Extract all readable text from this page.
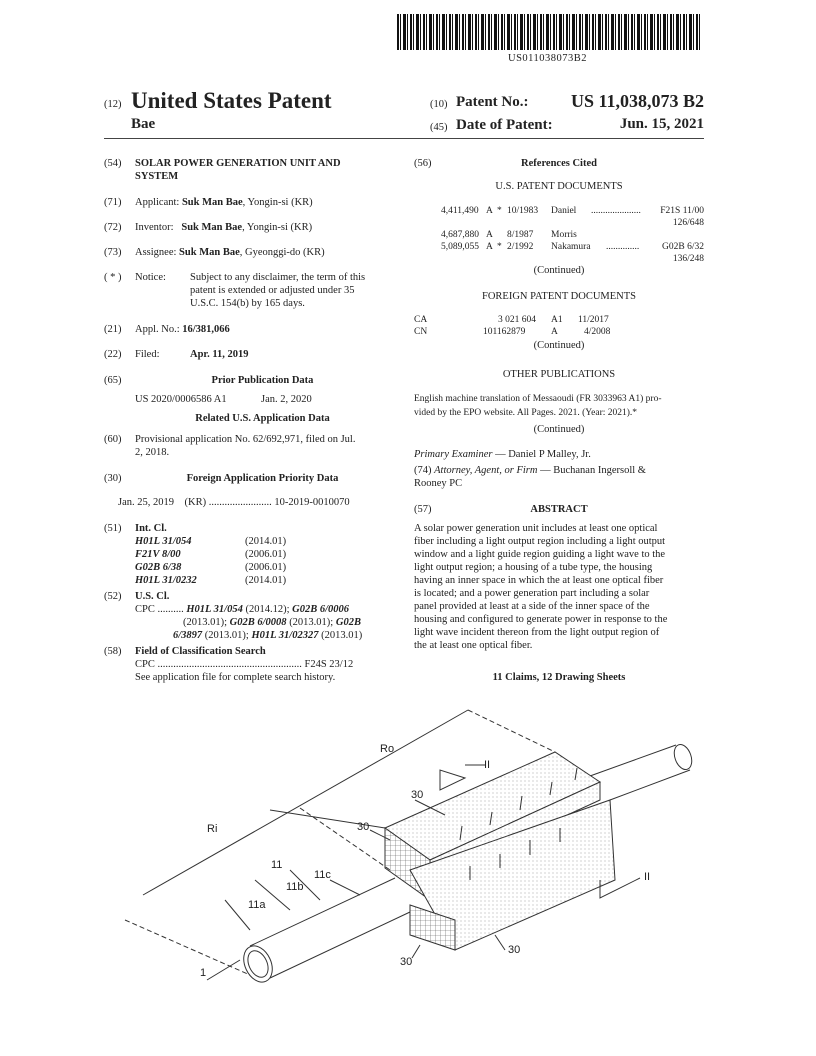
US011038073B2
(12) United States Patent
Bae
(10) Patent No.:	US 11,038,073 B2
(45) Date of Patent:	Jun. 15, 2021
(54) SOLAR POWER GENERATION UNIT AND
SYSTEM
(71) Applicant: Suk Man Bae, Yongin-si (KR)
(72) Inventor: Suk Man Bae, Yongin-si (KR)
(73) Assignee: Suk Man Bae, Gyeonggi-do (KR)
( * ) Notice: Subject to any disclaimer, the term of this
patent is extended or adjusted under 35
U.S.C. 154(b) by 165 days.
(21) Appl. No.: 16/381,066
(22) Filed:	Apr. 11, 2019
(65)	Prior Publication Data
US 2020/0006586 A1	Jan. 2, 2020
Related U.S. Application Data
(60) Provisional application No. 62/692,971, filed on Jul.
2, 2018.
(30)	Foreign Application Priority Data
Jan. 25, 2019 (KR) ........................ 10-2019-0010070
(51) Int. Cl.
H01L 31/054	(2014.01)
F21V 8/00	(2006.01)
G02B 6/38	(2006.01)
H01L 31/0232	(2014.01)
(52) U.S. Cl.
CPC .......... H01L 31/054 (2014.12); G02B 6/0006
(2013.01); G02B 6/0008 (2013.01); G02B
6/3897 (2013.01); H01L 31/02327 (2013.01)
(58) Field of Classification Search
CPC ....................................................... F24S 23/12
See application file for complete search history.
(56)	References Cited
U.S. PATENT DOCUMENTS
4,411,490 A * 10/1983 Daniel ..................... F21S 11/00
126/648
4,687,880 A 8/1987 Morris
5,089,055 A * 2/1992 Nakamura .............. G02B 6/32
136/248
(Continued)
FOREIGN PATENT DOCUMENTS
CA	3 021 604 A1 11/2017
CN	101162879	A	4/2008
(Continued)
OTHER PUBLICATIONS
English machine translation of Messaoudi (FR 3033963 A1) pro-
vided by the EPO website. All Pages. 2021. (Year: 2021).*
(Continued)
Primary Examiner — Daniel P Malley, Jr.
(74) Attorney, Agent, or Firm — Buchanan Ingersoll &
Rooney PC
(57)	ABSTRACT
A solar power generation unit includes at least one optical
fiber including a light output region including a light output
window and a light guide region guiding a light wave to the
light output region; a housing of a tube type, the housing
having an inner space in which the at least one optical fiber
is located; and a power generation part including a solar
panel provided at least at a side of the inner space of the
housing and configured to generate power in response to the
light wave incident thereon from the light output region of
the at least one optical fiber.
11 Claims, 12 Drawing Sheets
Ro
II
II
30
30
30
30
Ri
11
11c
11b
11a
1
